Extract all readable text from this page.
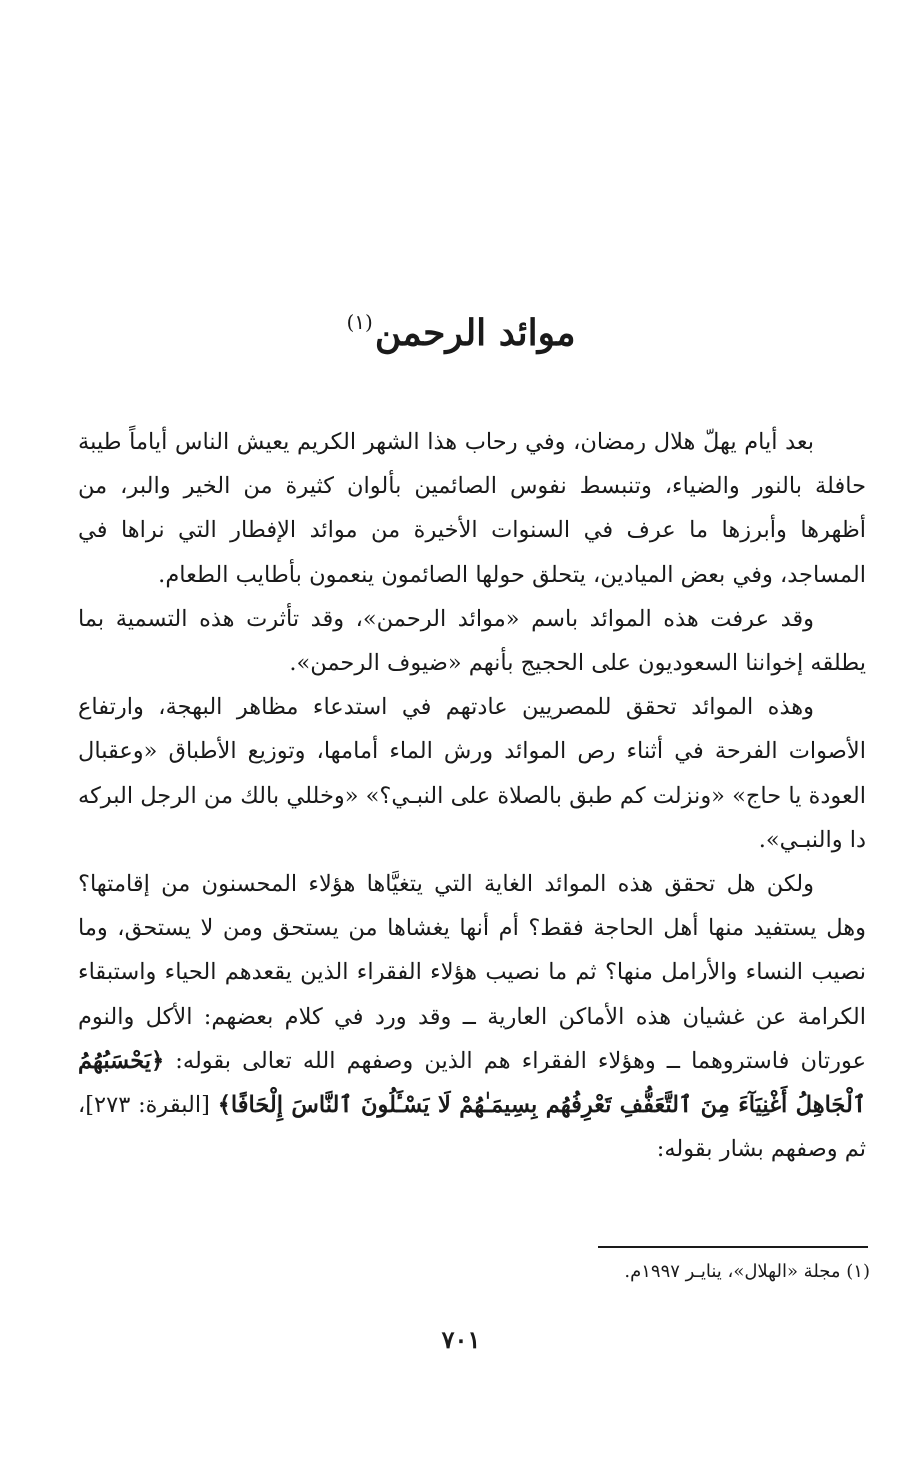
موائد الرحمن$^{(١)}$

بعد أيام يهلّ هلال رمضان، وفي رحاب هذا الشهر الكريم يعيش الناس أياماً طيبة حافلة بالنور والضياء، وتنبسط نفوس الصائمين بألوان كثيرة من الخير والبر، من أظهرها وأبرزها ما عرف في السنوات الأخيرة من موائد الإفطار التي نراها في المساجد، وفي بعض الميادين، يتحلق حولها الصائمون ينعمون بأطايب الطعام.

وقد عرفت هذه الموائد باسم «موائد الرحمن»، وقد تأثرت هذه التسمية بما يطلقه إخواننا السعوديون على الحجيج بأنهم «ضيوف الرحمن».

وهذه الموائد تحقق للمصريين عادتهم في استدعاء مظاهر البهجة، وارتفاع الأصوات الفرحة في أثناء رص الموائد ورش الماء أمامها، وتوزيع الأطباق «وعقبال العودة يا حاج» «ونزلت كم طبق بالصلاة على النبـي؟» «وخللي بالك من الرجل البركه دا والنبـي».

ولكن هل تحقق هذه الموائد الغاية التي يتغيَّاها هؤلاء المحسنون من إقامتها؟ وهل يستفيد منها أهل الحاجة فقط؟ أم أنها يغشاها من يستحق ومن لا يستحق، وما نصيب النساء والأرامل منها؟ ثم ما نصيب هؤلاء الفقراء الذين يقعدهم الحياء واستبقاء الكرامة عن غشيان هذه الأماكن العارية ــ وقد ورد في كلام بعضهم: الأكل والنوم عورتان فاستروهما ــ وهؤلاء الفقراء هم الذين وصفهم الله تعالى بقوله: ﴿يَحْسَبُهُمُ ٱلْجَاهِلُ أَغْنِيَآءَ مِنَ ٱلتَّعَفُّفِ تَعْرِفُهُم بِسِيمَـٰهُمْ لَا يَسْـَٔلُونَ ٱلنَّاسَ إِلْحَافًا﴾ [البقرة: ٢٧٣]، ثم وصفهم بشار بقوله:

(١) مجلة «الهلال»، ينايـر ١٩٩٧م.
٧٠١
